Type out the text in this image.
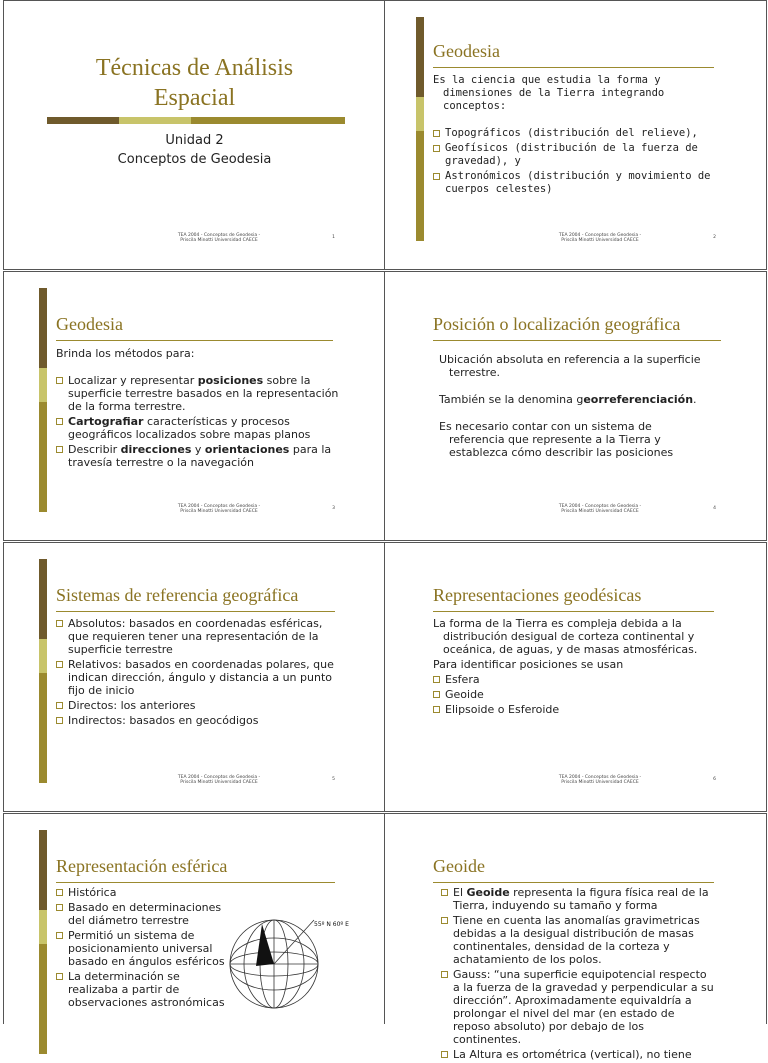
Técnicas de Análisis
Espacial
Unidad 2
Conceptos de Geodesia
TEA 2004 - Conceptos de Geodesia -
Priscila Minotti Universidad CAECE
1
Geodesia

Es la ciencia que estudia la forma y dimensiones de la Tierra integrando conceptos:

Topográficos (distribución del relieve),
Geofísicos (distribución de la fuerza de gravedad), y
Astronómicos (distribución y movimiento de cuerpos celestes)
TEA 2004 - Conceptos de Geodesia -
Priscila Minotti Universidad CAECE
2
Geodesia

Brinda los métodos para:

Localizar y representar posiciones sobre la superficie terrestre basados en la representación de la forma terrestre.
Cartografiar características y procesos geográficos localizados sobre mapas planos
Describir direcciones y orientaciones para la travesía terrestre o la navegación
TEA 2004 - Conceptos de Geodesia -
Priscila Minotti Universidad CAECE
3
Posición o localización geográfica

Ubicación absoluta en referencia a la superficie terrestre.

También se la denomina georreferenciación.

Es necesario contar con un sistema de referencia que represente a la Tierra y establezca cómo describir las posiciones

TEA 2004 - Conceptos de Geodesia -
Priscila Minotti Universidad CAECE
4
Sistemas de referencia geográfica
Absolutos: basados en coordenadas esféricas, que requieren tener una representación de la superficie terrestre
Relativos: basados en coordenadas polares, que indican dirección, ángulo y distancia a un punto fijo de inicio
Directos: los anteriores
Indirectos: basados en geocódigos
TEA 2004 - Conceptos de Geodesia -
Priscila Minotti Universidad CAECE
5
Representaciones geodésicas

La forma de la Tierra es compleja debida a la distribución desigual de corteza continental y oceánica, de aguas, y de masas atmosféricas.

Para identificar posiciones se usan

Esfera
Geoide
Elipsoide o Esferoide
TEA 2004 - Conceptos de Geodesia -
Priscila Minotti Universidad CAECE
6
Representación esférica
Histórica
Basado en determinaciones del diámetro terrestre
Permitió un sistema de posicionamiento universal basado en ángulos esféricos
La determinación se realizaba a partir de observaciones astronómicas
55º N 60º E
Geoide
El Geoide representa la figura física real de la Tierra, induyendo su tamaño y forma
Tiene en cuenta las anomalías gravimetricas debidas a la desigual distribución de masas continentales, densidad de la corteza y achatamiento de los polos.
Gauss: “una superficie equipotencial respecto a la fuerza de la gravedad y perpendicular a su dirección”. Aproximadamente equivaldría a prolongar el nivel del mar (en estado de reposo absoluto) por debajo de los continentes.
La Altura es ortométrica (vertical), no tiene
